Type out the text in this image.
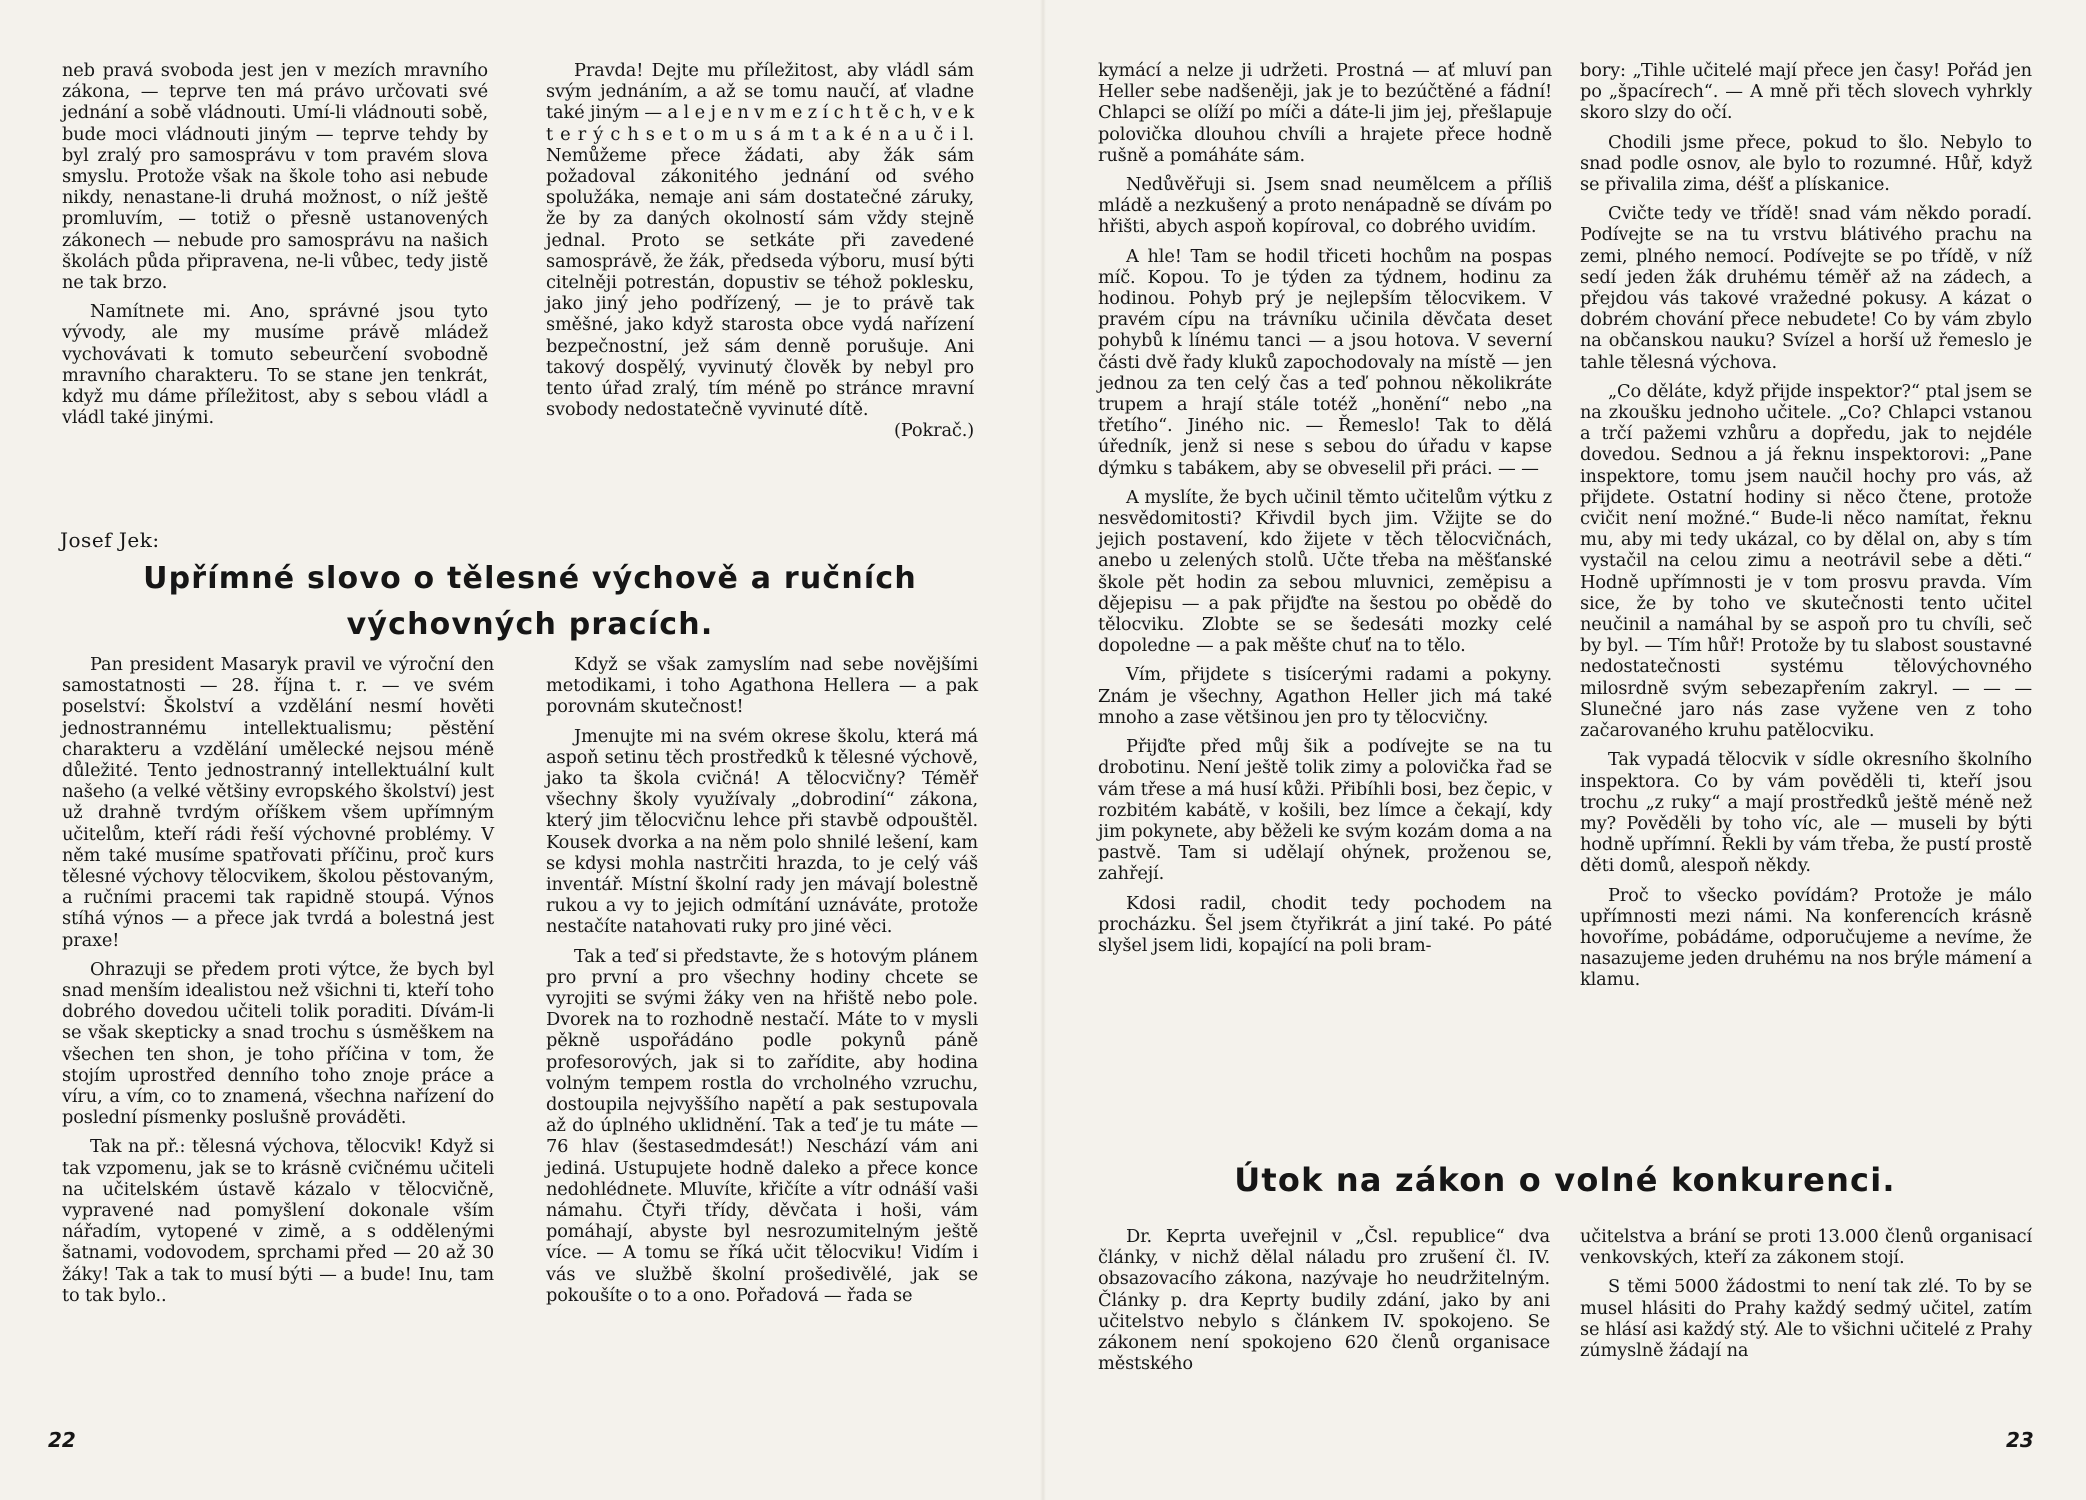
neb pravá svoboda jest jen v mezích mravního zákona, — teprve ten má právo určovati své jednání a sobě vládnouti. Umí-li vládnouti sobě, bude moci vládnouti jiným — teprve tehdy by byl zralý pro samosprávu v tom pravém slova smyslu. Protože však na škole toho asi nebude nikdy, nenastane-li druhá možnost, o níž ještě promluvím, — totiž o přesně ustanovených zákonech — nebude pro samosprávu na našich školách půda připravena, ne-li vůbec, tedy jistě ne tak brzo.

Namítnete mi. Ano, správné jsou tyto vývody, ale my musíme právě mládež vychovávati k tomuto sebeurčení svobodně mravního charakteru. To se stane jen tenkrát, když mu dáme příležitost, aby s sebou vládl a vládl také jinými.

Pravda! Dejte mu příležitost, aby vládl sám svým jednáním, a až se tomu naučí, ať vladne také jiným — a l e j e n v m e z í c h t ě c h, v e k t e r ý c h s e t o m u s á m t a k é n a u č i l. Nemůžeme přece žádati, aby žák sám požadoval zákonitého jednání od svého spolužáka, nemaje ani sám dostatečné záruky, že by za daných okolností sám vždy stejně jednal. Proto se setkáte při zavedené samosprávě, že žák, předseda výboru, musí býti citelněji potrestán, dopustiv se téhož poklesku, jako jiný jeho podřízený, — je to právě tak směšné, jako když starosta obce vydá nařízení bezpečnostní, jež sám denně porušuje. Ani takový dospělý, vyvinutý člověk by nebyl pro tento úřad zralý, tím méně po stránce mravní svobody nedostatečně vyvinuté dítě.

(Pokrač.)

Josef Jek:
Upřímné slovo o tělesné výchově a ručních výchovných pracích.

Pan president Masaryk pravil ve výroční den samostatnosti — 28. října t. r. — ve svém poselství: Školství a vzdělání nesmí hověti jednostrannému intellektualismu; pěstění charakteru a vzdělání umělecké nejsou méně důležité. Tento jednostranný intellektuální kult našeho (a velké většiny evropského školství) jest už drahně tvrdým oříškem všem upřímným učitelům, kteří rádi řeší výchovné problémy. V něm také musíme spatřovati příčinu, proč kurs tělesné výchovy tělocvikem, školou pěstovaným, a ručními pracemi tak rapidně stoupá. Výnos stíhá výnos — a přece jak tvrdá a bolestná jest praxe!

Ohrazuji se předem proti výtce, že bych byl snad menším idealistou než všichni ti, kteří toho dobrého dovedou učiteli tolik poraditi. Dívám-li se však skepticky a snad trochu s úsměškem na všechen ten shon, je toho příčina v tom, že stojím uprostřed denního toho znoje práce a víru, a vím, co to znamená, všechna nařízení do poslední písmenky poslušně prováděti.

Tak na př.: tělesná výchova, tělocvik! Když si tak vzpomenu, jak se to krásně cvičnému učiteli na učitelském ústavě kázalo v tělocvičně, vypravené nad pomyšlení dokonale vším nářadím, vytopené v zimě, a s oddělenými šatnami, vodovodem, sprchami před — 20 až 30 žáky! Tak a tak to musí býti — a bude! Inu, tam to tak bylo..

Když se však zamyslím nad sebe novějšími metodikami, i toho Agathona Hellera — a pak porovnám skutečnost!

Jmenujte mi na svém okrese školu, která má aspoň setinu těch prostředků k tělesné výchově, jako ta škola cvičná! A tělocvičny? Téměř všechny školy využívaly „dobrodiní“ zákona, který jim tělocvičnu lehce při stavbě odpouštěl. Kousek dvorka a na něm polo shnilé lešení, kam se kdysi mohla nastrčiti hrazda, to je celý váš inventář. Místní školní rady jen mávají bolestně rukou a vy to jejich odmítání uznáváte, protože nestačíte natahovati ruky pro jiné věci.

Tak a teď si představte, že s hotovým plánem pro první a pro všechny hodiny chcete se vyrojiti se svými žáky ven na hřiště nebo pole. Dvorek na to rozhodně nestačí. Máte to v mysli pěkně uspořádáno podle pokynů páně profesorových, jak si to zařídite, aby hodina volným tempem rostla do vrcholného vzruchu, dostoupila nejvyššího napětí a pak sestupovala až do úplného uklidnění. Tak a teď je tu máte — 76 hlav (šestasedmdesát!) Neschází vám ani jediná. Ustupujete hodně daleko a přece konce nedohlédnete. Mluvíte, křičíte a vítr odnáší vaši námahu. Čtyři třídy, děvčata i hoši, vám pomáhají, abyste byl nesrozumitelným ještě více. — A tomu se říká učit tělocviku! Vidím i vás ve službě školní prošedivělé, jak se pokoušíte o to a ono. Pořadová — řada se

22

kymácí a nelze ji udržeti. Prostná — ať mluví pan Heller sebe nadšeněji, jak je to bezúčtěné a fádní! Chlapci se olíží po míči a dáte-li jim jej, přešlapuje polovička dlouhou chvíli a hrajete přece hodně rušně a pomáháte sám.

Nedůvěřuji si. Jsem snad neumělcem a příliš mládě a nezkušený a proto nenápadně se dívám po hřišti, abych aspoň kopíroval, co dobrého uvidím.

A hle! Tam se hodil třiceti hochům na pospas míč. Kopou. To je týden za týdnem, hodinu za hodinou. Pohyb prý je nejlepším tělocvikem. V pravém cípu na trávníku učinila děvčata deset pohybů k línému tanci — a jsou hotova. V severní části dvě řady kluků zapochodovaly na místě — jen jednou za ten celý čas a teď pohnou několikráte trupem a hrají stále totéž „honění“ nebo „na třetího“. Jiného nic. — Řemeslo! Tak to dělá úředník, jenž si nese s sebou do úřadu v kapse dýmku s tabákem, aby se obveselil při práci. — —

A myslíte, že bych učinil těmto učitelům výtku z nesvědomitosti? Křivdil bych jim. Vžijte se do jejich postavení, kdo žijete v těch tělocvičnách, anebo u zelených stolů. Učte třeba na měšťanské škole pět hodin za sebou mluvnici, zeměpisu a dějepisu — a pak přijďte na šestou po obědě do tělocviku. Zlobte se se šedesáti mozky celé dopoledne — a pak měšte chuť na to tělo.

Vím, přijdete s tisícerými radami a pokyny. Znám je všechny, Agathon Heller jich má také mnoho a zase většinou jen pro ty tělocvičny.

Přijďte před můj šik a podívejte se na tu drobotinu. Není ještě tolik zimy a polovička řad se vám třese a má husí kůži. Přibíhli bosi, bez čepic, v rozbitém kabátě, v košili, bez límce a čekají, kdy jim pokynete, aby běželi ke svým kozám doma a na pastvě. Tam si udělají ohýnek, proženou se, zahřejí.

Kdosi radil, chodit tedy pochodem na procházku. Šel jsem čtyřikrát a jiní také. Po páté slyšel jsem lidi, kopající na poli bram-

bory: „Tihle učitelé mají přece jen časy! Pořád jen po „špacírech“. — A mně při těch slovech vyhrkly skoro slzy do očí.

Chodili jsme přece, pokud to šlo. Nebylo to snad podle osnov, ale bylo to rozumné. Hůř, když se přivalila zima, déšť a plískanice.

Cvičte tedy ve třídě! snad vám někdo poradí. Podívejte se na tu vrstvu blátivého prachu na zemi, plného nemocí. Podívejte se po třídě, v níž sedí jeden žák druhému téměř až na zádech, a přejdou vás takové vražedné pokusy. A kázat o dobrém chování přece nebudete! Co by vám zbylo na občanskou nauku? Svízel a horší už řemeslo je tahle tělesná výchova.

„Co děláte, když přijde inspektor?“ ptal jsem se na zkoušku jednoho učitele. „Co? Chlapci vstanou a trčí pažemi vzhůru a dopředu, jak to nejdéle dovedou. Sednou a já řeknu inspektorovi: „Pane inspektore, tomu jsem naučil hochy pro vás, až přijdete. Ostatní hodiny si něco čtene, protože cvičit není možné.“ Bude-li něco namítat, řeknu mu, aby mi tedy ukázal, co by dělal on, aby s tím vystačil na celou zimu a neotrávil sebe a děti.“ Hodně upřímnosti je v tom prosvu pravda. Vím sice, že by toho ve skutečnosti tento učitel neučinil a namáhal by se aspoň pro tu chvíli, seč by byl. — Tím hůř! Protože by tu slabost soustavné nedostatečnosti systému tělovýchovného milosrdně svým sebezapřením zakryl. — — — Slunečné jaro nás zase vyžene ven z toho začarovaného kruhu patělocviku.

Tak vypadá tělocvik v sídle okresního školního inspektora. Co by vám pověděli ti, kteří jsou trochu „z ruky“ a mají prostředků ještě méně než my? Pověděli by toho víc, ale — museli by býti hodně upřímní. Řekli by vám třeba, že pustí prostě děti domů, alespoň někdy.

Proč to všecko povídám? Protože je málo upřímnosti mezi námi. Na konferencích krásně hovoříme, pobádáme, odporučujeme a nevíme, že nasazujeme jeden druhému na nos brýle mámení a klamu.

Útok na zákon o volné konkurenci.

Dr. Keprta uveřejnil v „Čsl. republice“ dva články, v nichž dělal náladu pro zrušení čl. IV. obsazovacího zákona, nazývaje ho neudržitelným. Články p. dra Keprty budily zdání, jako by ani učitelstvo nebylo s článkem IV. spokojeno. Se zákonem není spokojeno 620 členů organisace městského

učitelstva a brání se proti 13.000 členů organisací venkovských, kteří za zákonem stojí.

S těmi 5000 žádostmi to není tak zlé. To by se musel hlásiti do Prahy každý sedmý učitel, zatím se hlásí asi každý stý. Ale to všichni učitelé z Prahy zúmyslně žádají na

23
